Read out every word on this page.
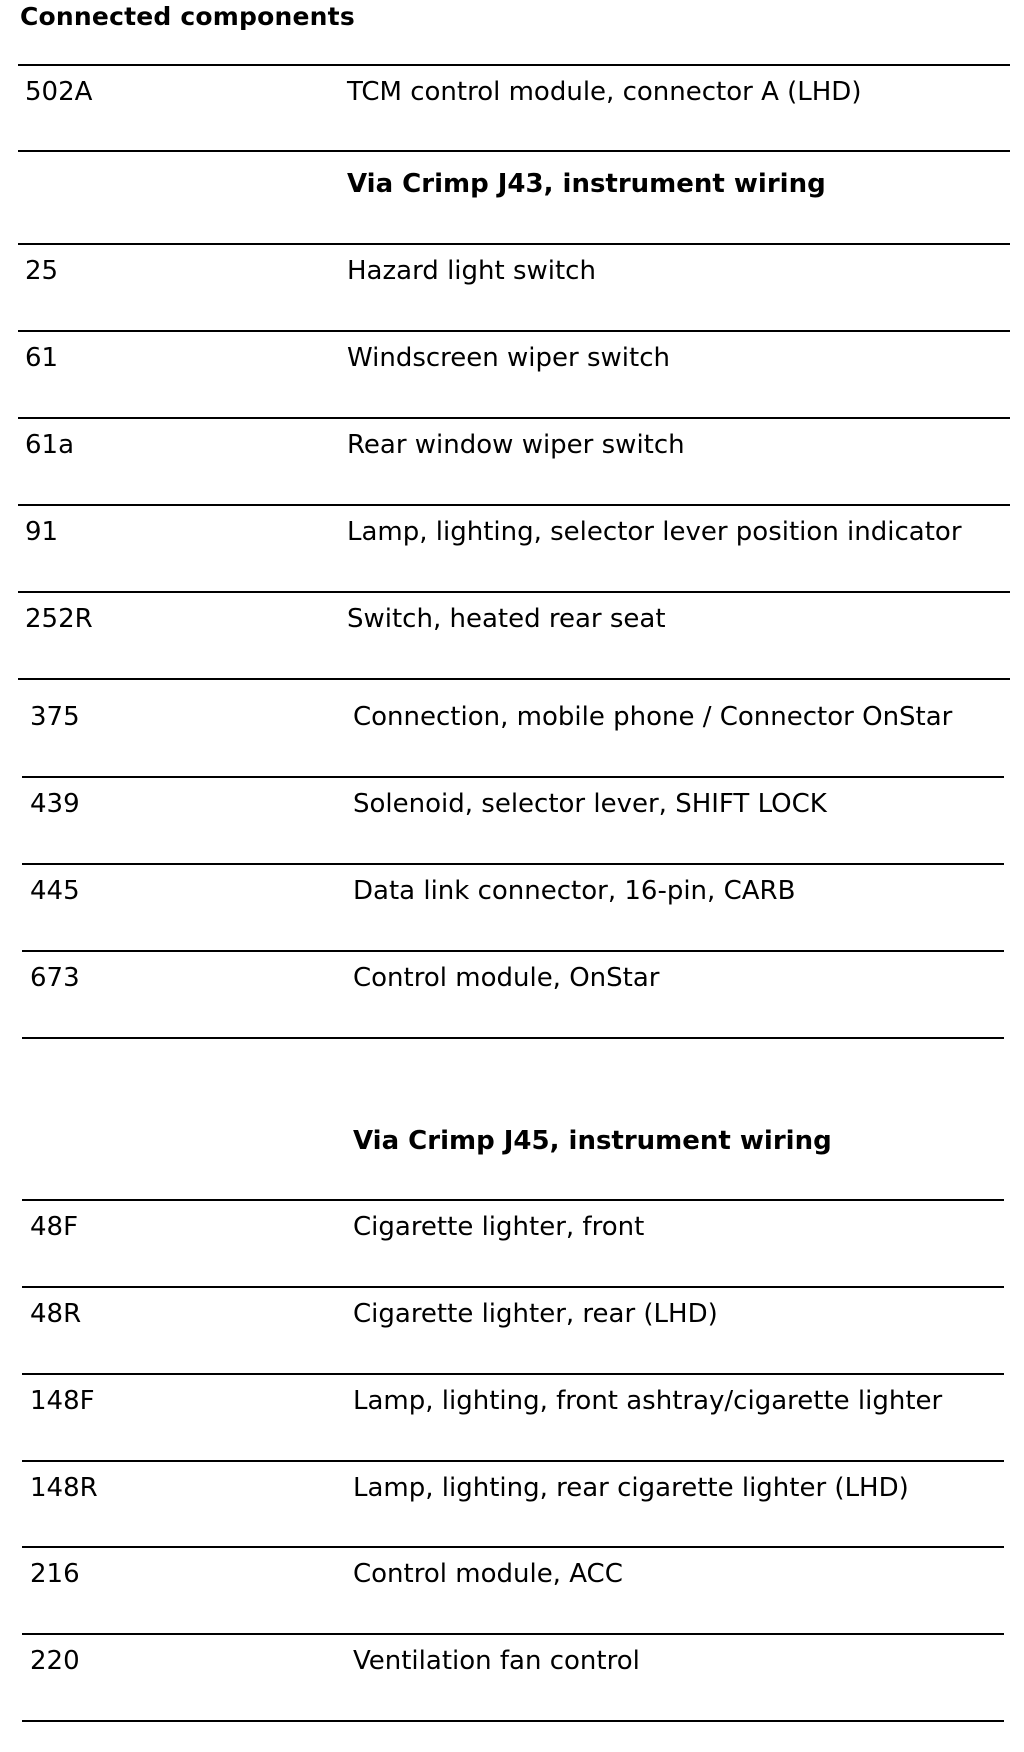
Connected components
502A	TCM control module, connector A (LHD)
Via Crimp J43, instrument wiring
25	Hazard light switch
61	Windscreen wiper switch
61a	Rear window wiper switch
91	Lamp, lighting, selector lever position indicator
252R	Switch, heated rear seat
375	Connection, mobile phone / Connector OnStar
439	Solenoid, selector lever, SHIFT LOCK
445	Data link connector, 16-pin, CARB
673	Control module, OnStar
Via Crimp J45, instrument wiring
48F	Cigarette lighter, front
48R	Cigarette lighter, rear (LHD)
148F	Lamp, lighting, front ashtray/cigarette lighter
148R	Lamp, lighting, rear cigarette lighter (LHD)
216	Control module, ACC
220	Ventilation fan control
